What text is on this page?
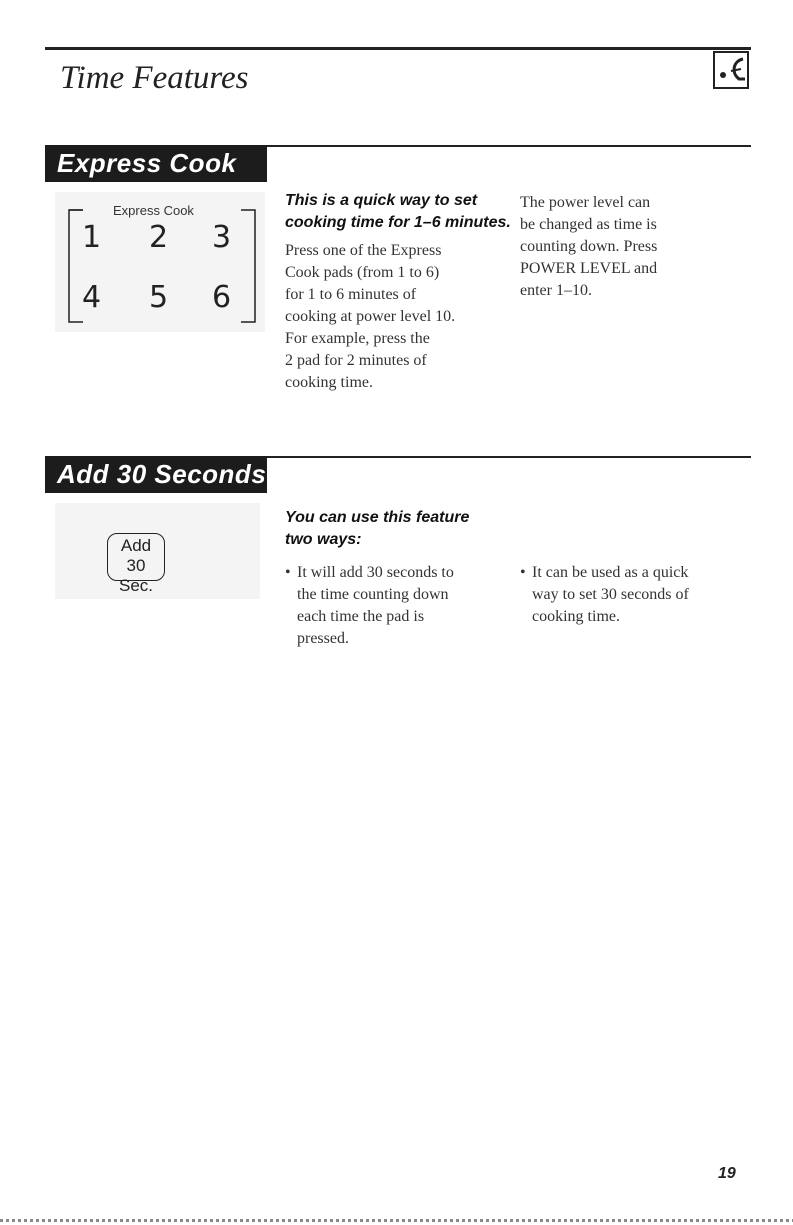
Time Features
Express Cook
Express Cook
1 2 3
4 5 6
This is a quick way to set
cooking time for 1–6 minutes.
Press one of the Express
Cook pads (from 1 to 6)
for 1 to 6 minutes of
cooking at power level 10.
For example, press the
2 pad for 2 minutes of
cooking time.
The power level can
be changed as time is
counting down. Press
POWER LEVEL and
enter 1–10.
Add 30 Seconds
Add
30 Sec.
You can use this feature
two ways:
• It will add 30 seconds to
the time counting down
each time the pad is
pressed.
• It can be used as a quick
way to set 30 seconds of
cooking time.
19
